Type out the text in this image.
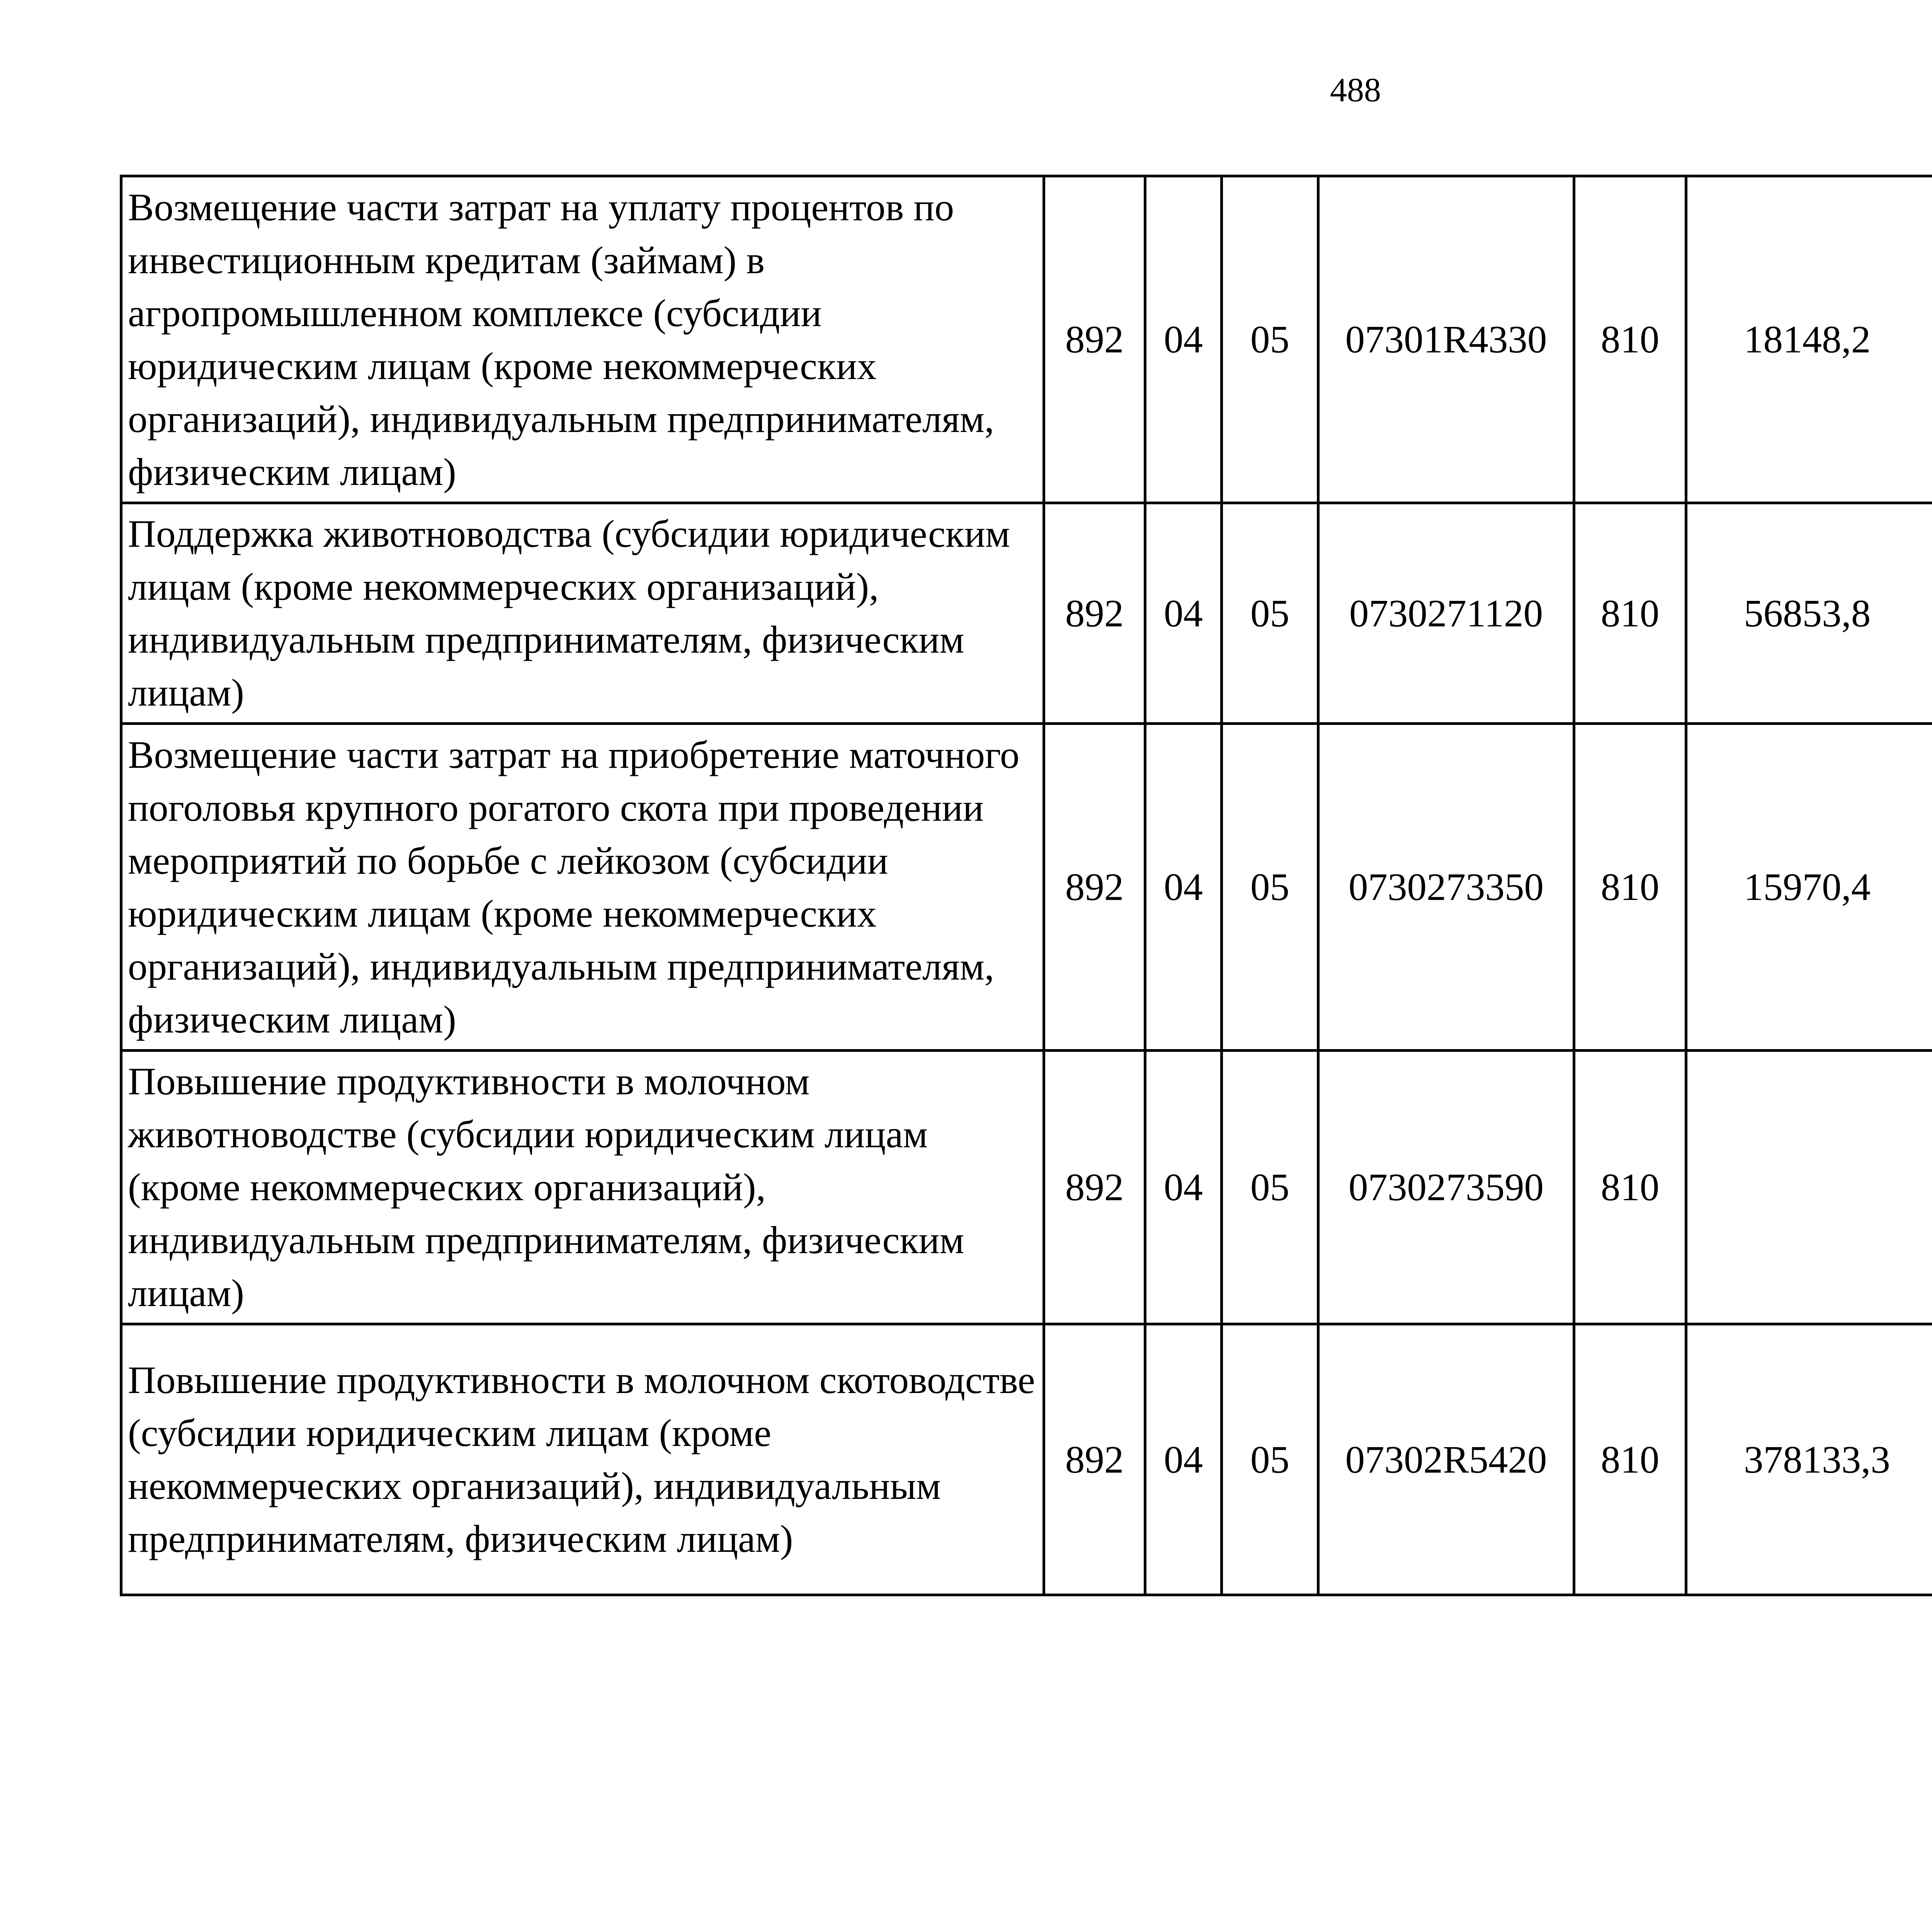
488
Возмещение части затрат на уплату процентов по инвестиционным кредитам (займам) в агропромышленном комплексе (субсидии юридическим лицам (кроме некоммерческих организаций), индивидуальным предпринимателям, физическим лицам)	892	04	05	07301R4330	810	18148,2		
Поддержка животноводства (субсидии юридическим лицам (кроме некоммерческих организаций), индивидуальным предпринимателям, физическим лицам)	892	04	05	0730271120	810	56853,8		
Возмещение части затрат на приобретение маточного поголовья крупного рогатого скота при проведении мероприятий по борьбе с лейкозом (субсидии юридическим лицам (кроме некоммерческих организаций), индивидуальным предпринимателям, физическим лицам)	892	04	05	0730273350	810	15970,4		
Повышение продуктивности в молочном животноводстве (субсидии юридическим лицам (кроме некоммерческих организаций), индивидуальным предпринимателям, физическим лицам)	892	04	05	0730273590	810			
Повышение продуктивности в молочном скотоводстве (субсидии юридическим лицам (кроме некоммерческих организаций), индивидуальным предпринимателям, физическим лицам)	892	04	05	07302R5420	810	378133,3		
